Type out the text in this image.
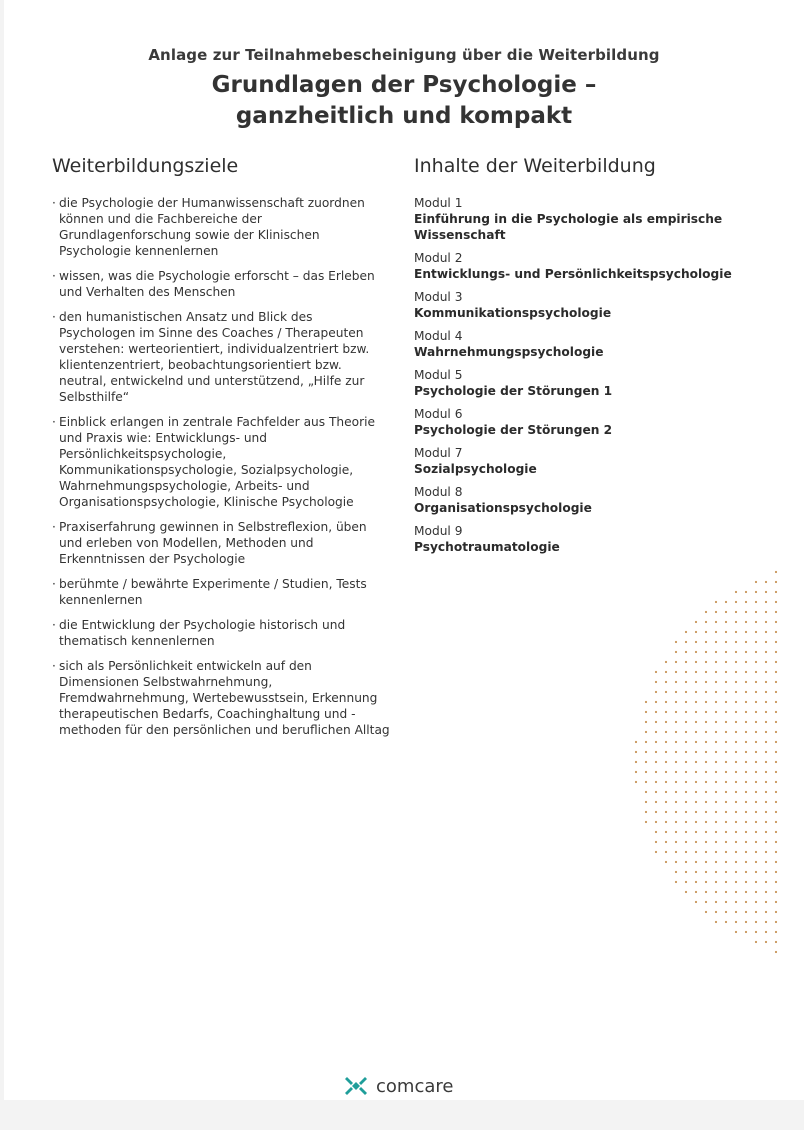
Anlage zur Teilnahmebescheinigung über die Weiterbildung
Grundlagen der Psychologie –
ganzheitlich und kompakt
Weiterbildungsziele
· die Psychologie der Humanwissenschaft zuordnen können und die Fachbereiche der Grundlagenforschung sowie der Klinischen Psychologie kennenlernen
· wissen, was die Psychologie erforscht – das Erleben und Verhalten des Menschen
· den humanistischen Ansatz und Blick des Psychologen im Sinne des Coaches / Therapeuten verstehen: werteorientiert, individualzentriert bzw. klientenzentriert, beobachtungsorientiert bzw. neutral, entwickelnd und unterstützend, „Hilfe zur Selbsthilfe“
· Einblick erlangen in zentrale Fachfelder aus Theorie und Praxis wie: Entwicklungs- und Persönlichkeitspsychologie, Kommunikationspsychologie, Sozialpsychologie, Wahrnehmungspsychologie, Arbeits- und Organisationspsychologie, Klinische Psychologie
· Praxiserfahrung gewinnen in Selbstreflexion, üben und erleben von Modellen, Methoden und Erkenntnissen der Psychologie
· berühmte / bewährte Experimente / Studien, Tests kennenlernen
· die Entwicklung der Psychologie historisch und thematisch kennenlernen
· sich als Persönlichkeit entwickeln auf den Dimensionen Selbstwahrnehmung, Fremdwahrnehmung, Wertebewusstsein, Erkennung therapeutischen Bedarfs, Coachinghaltung und -methoden für den persönlichen und beruflichen Alltag
Inhalte der Weiterbildung
Modul 1
Einführung in die Psychologie als empirische Wissenschaft
Modul 2
Entwicklungs- und Persönlichkeitspsychologie
Modul 3
Kommunikationspsychologie
Modul 4
Wahrnehmungspsychologie
Modul 5
Psychologie der Störungen 1
Modul 6
Psychologie der Störungen 2
Modul 7
Sozialpsychologie
Modul 8
Organisationspsychologie
Modul 9
Psychotraumatologie
comcare
